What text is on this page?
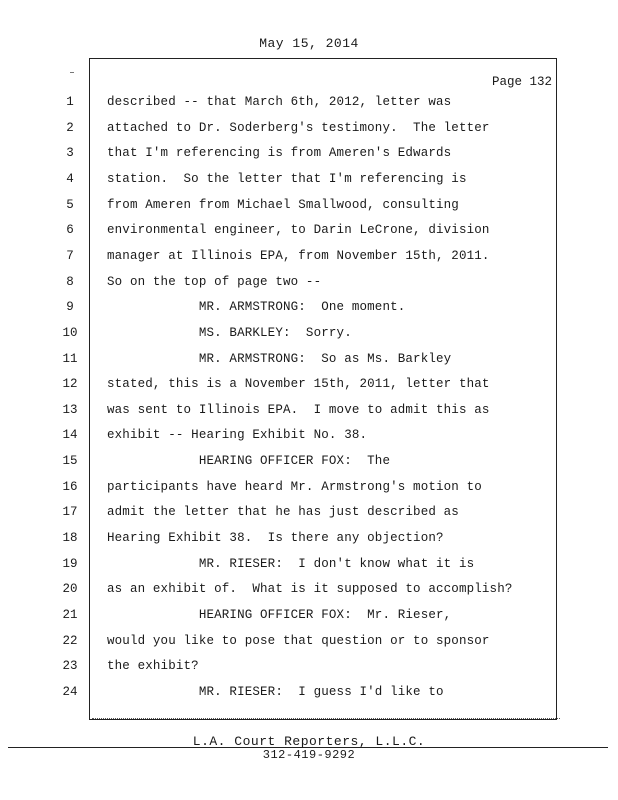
May 15, 2014
Page 132
1	described -- that March 6th, 2012, letter was
2	attached to Dr. Soderberg's testimony.  The letter
3	that I'm referencing is from Ameren's Edwards
4	station.  So the letter that I'm referencing is
5	from Ameren from Michael Smallwood, consulting
6	environmental engineer, to Darin LeCrone, division
7	manager at Illinois EPA, from November 15th, 2011.
8	So on the top of page two --
9	MR. ARMSTRONG:  One moment.
10	MS. BARKLEY:  Sorry.
11	MR. ARMSTRONG:  So as Ms. Barkley
12	stated, this is a November 15th, 2011, letter that
13	was sent to Illinois EPA.  I move to admit this as
14	exhibit -- Hearing Exhibit No. 38.
15	HEARING OFFICER FOX:  The
16	participants have heard Mr. Armstrong's motion to
17	admit the letter that he has just described as
18	Hearing Exhibit 38.  Is there any objection?
19	MR. RIESER:  I don't know what it is
20	as an exhibit of.  What is it supposed to accomplish?
21	HEARING OFFICER FOX:  Mr. Rieser,
22	would you like to pose that question or to sponsor
23	the exhibit?
24	MR. RIESER:  I guess I'd like to
L.A. Court Reporters, L.L.C.
312-419-9292
